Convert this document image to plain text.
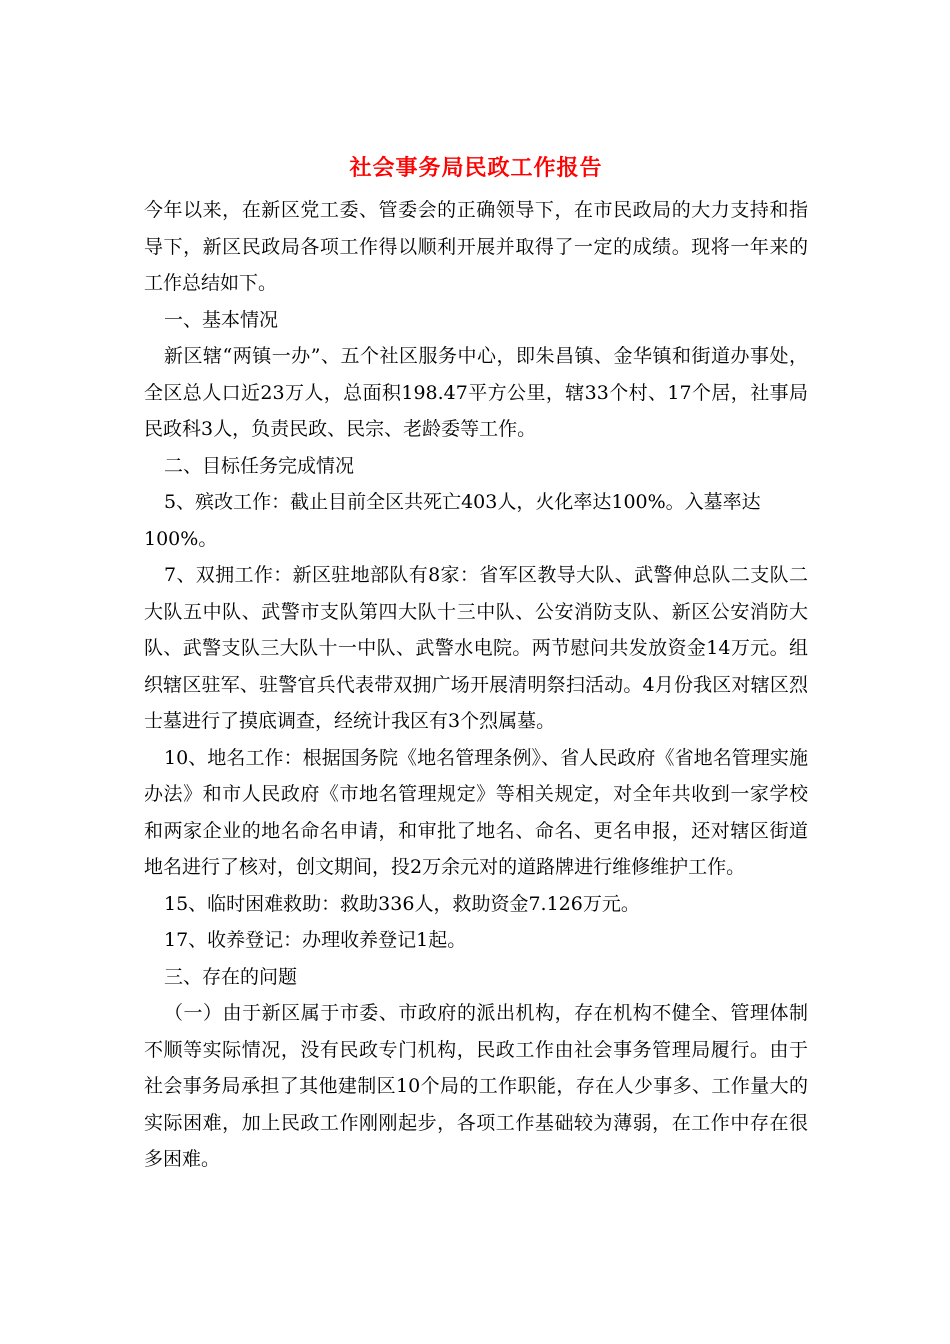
社会事务局民政工作报告

今年以来，在新区党工委、管委会的正确领导下，在市民政局的大力支持和指导下，新区民政局各项工作得以顺利开展并取得了一定的成绩。现将一年来的工作总结如下。

一、基本情况

新区辖“两镇一办”、五个社区服务中心，即朱昌镇、金华镇和街道办事处，全区总人口近23万人，总面积198.47平方公里，辖33个村、17个居，社事局民政科3人，负责民政、民宗、老龄委等工作。

二、目标任务完成情况

5、殡改工作：截止目前全区共死亡403人，火化率达100%。入墓率达

100%。

7、双拥工作：新区驻地部队有8家：省军区教导大队、武警伸总队二支队二大队五中队、武警市支队第四大队十三中队、公安消防支队、新区公安消防大队、武警支队三大队十一中队、武警水电院。两节慰问共发放资金14万元。组织辖区驻军、驻警官兵代表带双拥广场开展清明祭扫活动。4月份我区对辖区烈士墓进行了摸底调查，经统计我区有3个烈属墓。

10、地名工作：根据国务院《地名管理条例》、省人民政府《省地名管理实施办法》和市人民政府《市地名管理规定》等相关规定，对全年共收到一家学校和两家企业的地名命名申请，和审批了地名、命名、更名申报，还对辖区街道地名进行了核对，创文期间，投2万余元对的道路牌进行维修维护工作。

15、临时困难救助：救助336人，救助资金7.126万元。

17、收养登记：办理收养登记1起。

三、存在的问题

（一）由于新区属于市委、市政府的派出机构，存在机构不健全、管理体制不顺等实际情况，没有民政专门机构，民政工作由社会事务管理局履行。由于社会事务局承担了其他建制区10个局的工作职能，存在人少事多、工作量大的实际困难，加上民政工作刚刚起步，各项工作基础较为薄弱，在工作中存在很多困难。
